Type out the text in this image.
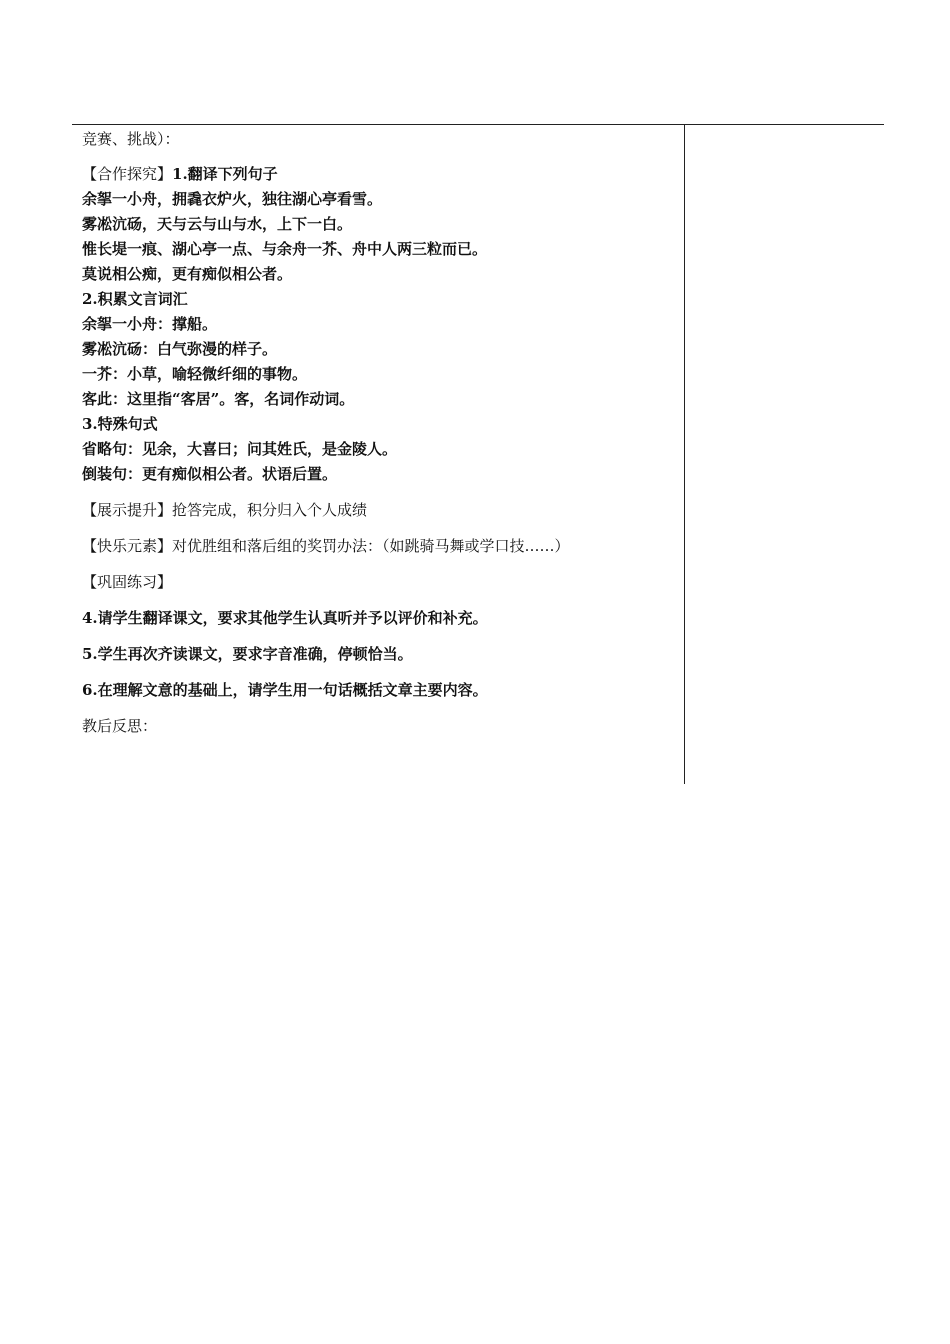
竞赛、挑战）：
【合作探究】1.翻译下列句子
余挐一小舟，拥毳衣炉火，独往湖心亭看雪。
雾凇沆砀，天与云与山与水，上下一白。
惟长堤一痕、湖心亭一点、与余舟一芥、舟中人两三粒而已。
莫说相公痴，更有痴似相公者。
2.积累文言词汇
余挐一小舟：撑船。
雾凇沆砀：白气弥漫的样子。
一芥：小草，喻轻微纤细的事物。
客此：这里指“客居”。客，名词作动词。
3.特殊句式
省略句：见余，大喜曰；问其姓氏，是金陵人。
倒装句：更有痴似相公者。状语后置。
【展示提升】抢答完成，积分归入个人成绩
【快乐元素】对优胜组和落后组的奖罚办法：（如跳骑马舞或学口技……）
【巩固练习】
4.请学生翻译课文，要求其他学生认真听并予以评价和补充。
5.学生再次齐读课文，要求字音准确，停顿恰当。
6.在理解文意的基础上，请学生用一句话概括文章主要内容。
教后反思：
